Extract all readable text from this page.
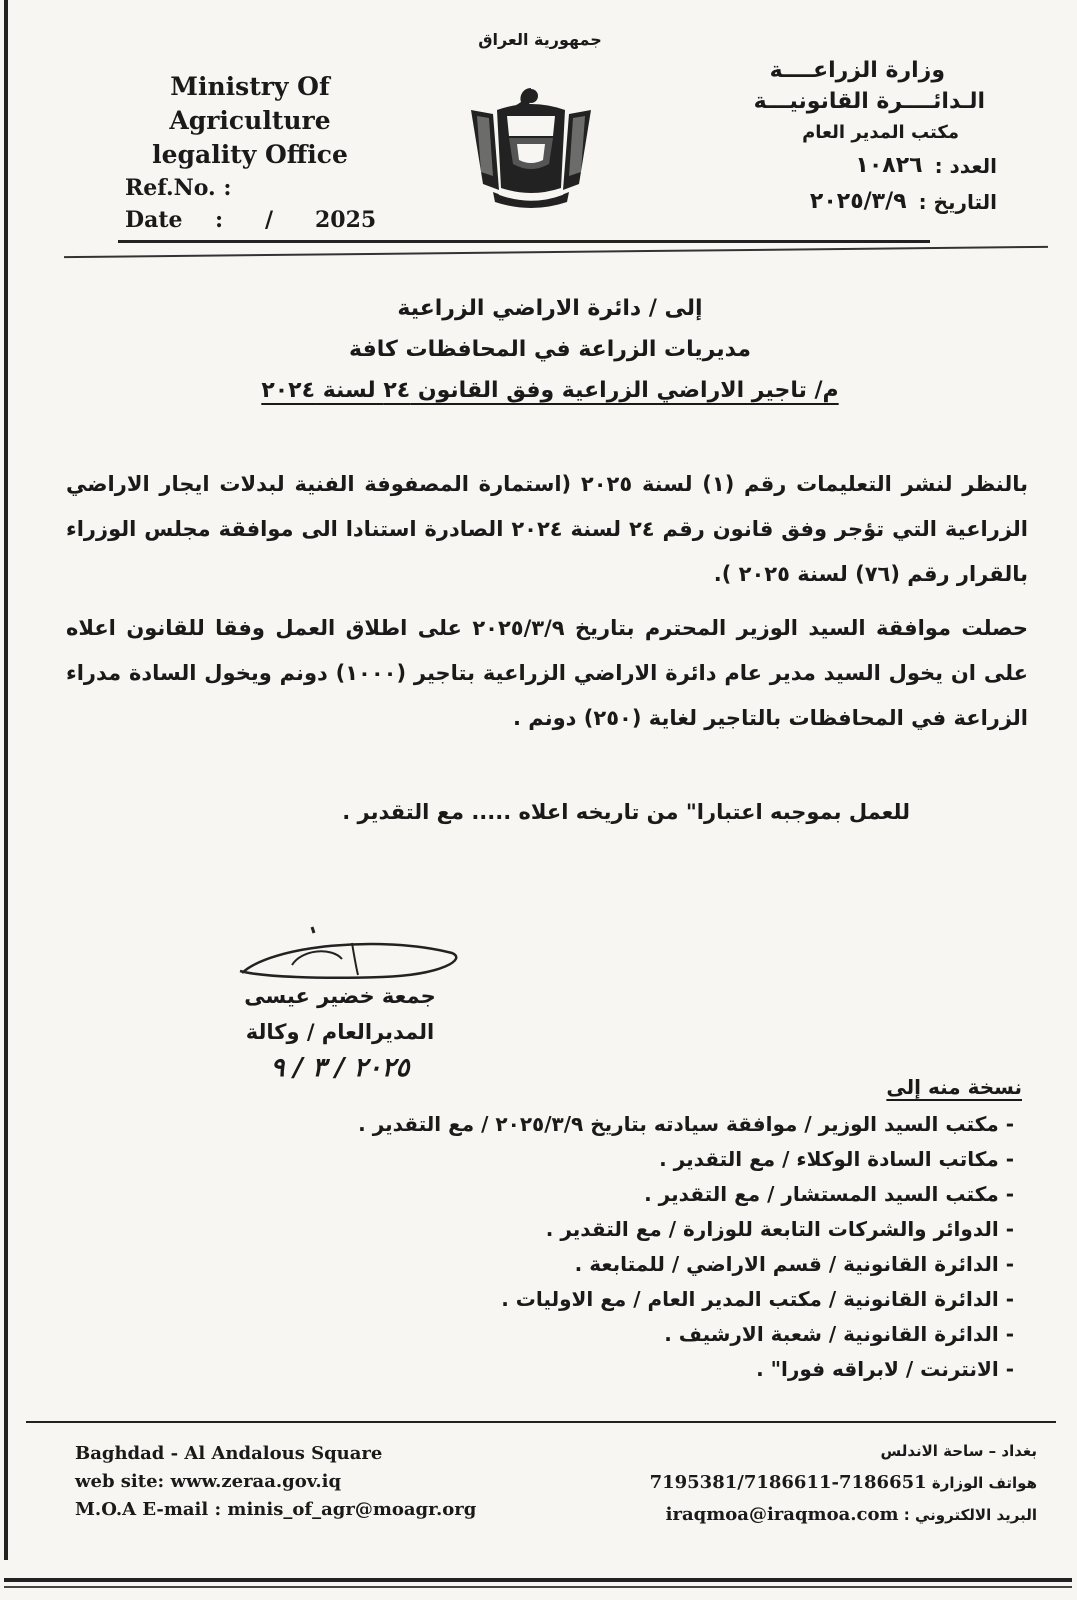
Ministry Of Agriculture
legality Office
Ref.No. :
Date	:	/	2025
جمهورية العراق
وزارة الزراعــــة
الـدائــــرة القانونيـــة
مكتب المدير العام
العدد :
١٠٨٢٦
التاريخ :
٢٠٢٥/٣/٩
إلى / دائرة الاراضي الزراعية
مديريات الزراعة في المحافظات كافة
م/ تاجير الاراضي الزراعية وفق القانون ٢٤ لسنة ٢٠٢٤

بالنظر لنشر التعليمات رقم (١) لسنة ٢٠٢٥ (استمارة المصفوفة الفنية لبدلات ايجار الاراضي الزراعية التي تؤجر وفق قانون رقم ٢٤ لسنة ٢٠٢٤ الصادرة استنادا الى موافقة مجلس الوزراء بالقرار رقم (٧٦) لسنة ٢٠٢٥ ).

حصلت موافقة السيد الوزير المحترم بتاريخ ٢٠٢٥/٣/٩ على اطلاق العمل وفقا للقانون اعلاه على ان يخول السيد مدير عام دائرة الاراضي الزراعية بتاجير (١٠٠٠) دونم ويخول السادة مدراء الزراعة في المحافظات بالتاجير لغاية (٢٥٠) دونم .

للعمل بموجبه اعتبارا" من تاريخه اعلاه ..... مع التقدير .
جمعة خضير عيسى
المديرالعام / وكالة
٢٠٢٥ / ٣ / ٩
نسخة منه إلى
- مكتب السيد الوزير / موافقة سيادته بتاريخ ٢٠٢٥/٣/٩ / مع التقدير .
- مكاتب السادة الوكلاء / مع التقدير .
- مكتب السيد المستشار / مع التقدير .
- الدوائر والشركات التابعة للوزارة / مع التقدير .
- الدائرة القانونية / قسم الاراضي / للمتابعة .
- الدائرة القانونية / مكتب المدير العام / مع الاوليات .
- الدائرة القانونية / شعبة الارشيف .
- الانترنت / لابراقه فورا" .
Baghdad - Al Andalous Square
web site: www.zeraa.gov.iq
M.O.A E-mail : minis_of_agr@moagr.org
بغداد – ساحة الاندلس
هواتف الوزارة 7195381/7186611-7186651
البريد الالكتروني : iraqmoa@iraqmoa.com
